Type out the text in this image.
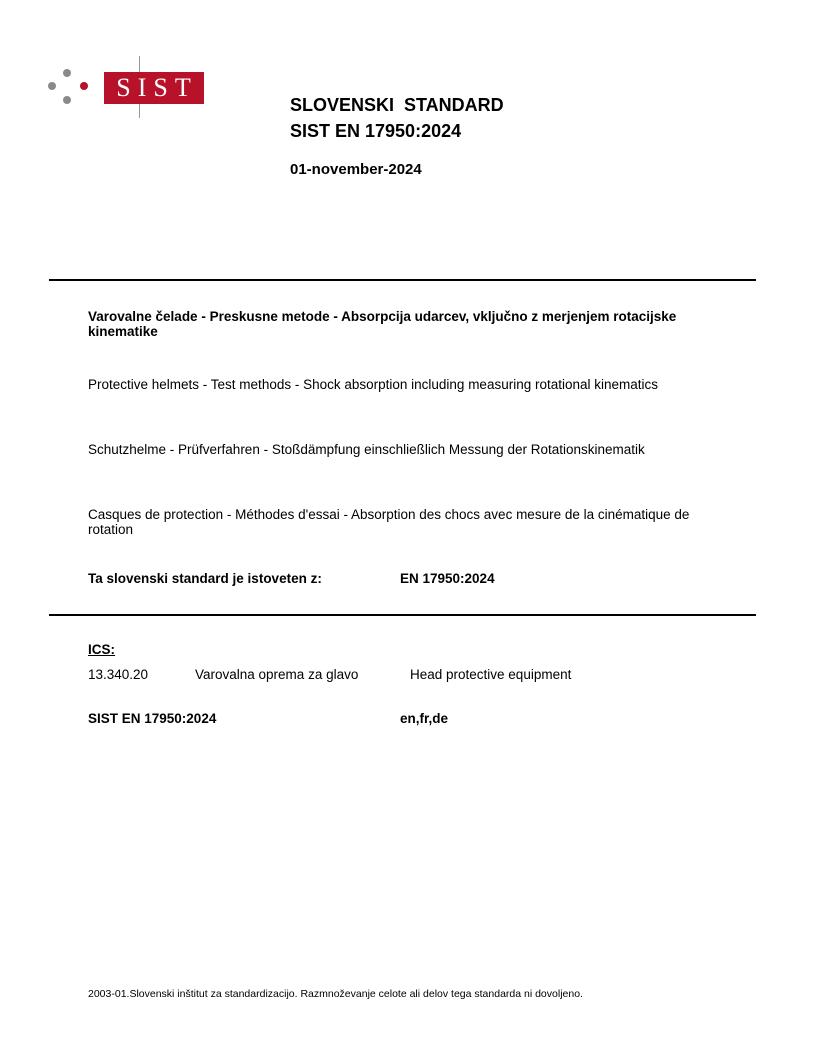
SIST
SLOVENSKI  STANDARD
SIST EN 17950:2024
01-november-2024
Varovalne čelade - Preskusne metode - Absorpcija udarcev, vključno z merjenjem rotacijske kinematike
Protective helmets - Test methods - Shock absorption including measuring rotational kinematics
Schutzhelme - Prüfverfahren - Stoßdämpfung einschließlich Messung der Rotationskinematik
Casques de protection - Méthodes d'essai - Absorption des chocs avec mesure de la cinématique de rotation
Ta slovenski standard je istoveten z:	EN 17950:2024
ICS:
13.340.20	Varovalna oprema za glavo	Head protective equipment
SIST EN 17950:2024	en,fr,de
2003-01.Slovenski inštitut za standardizacijo. Razmnoževanje celote ali delov tega standarda ni dovoljeno.
